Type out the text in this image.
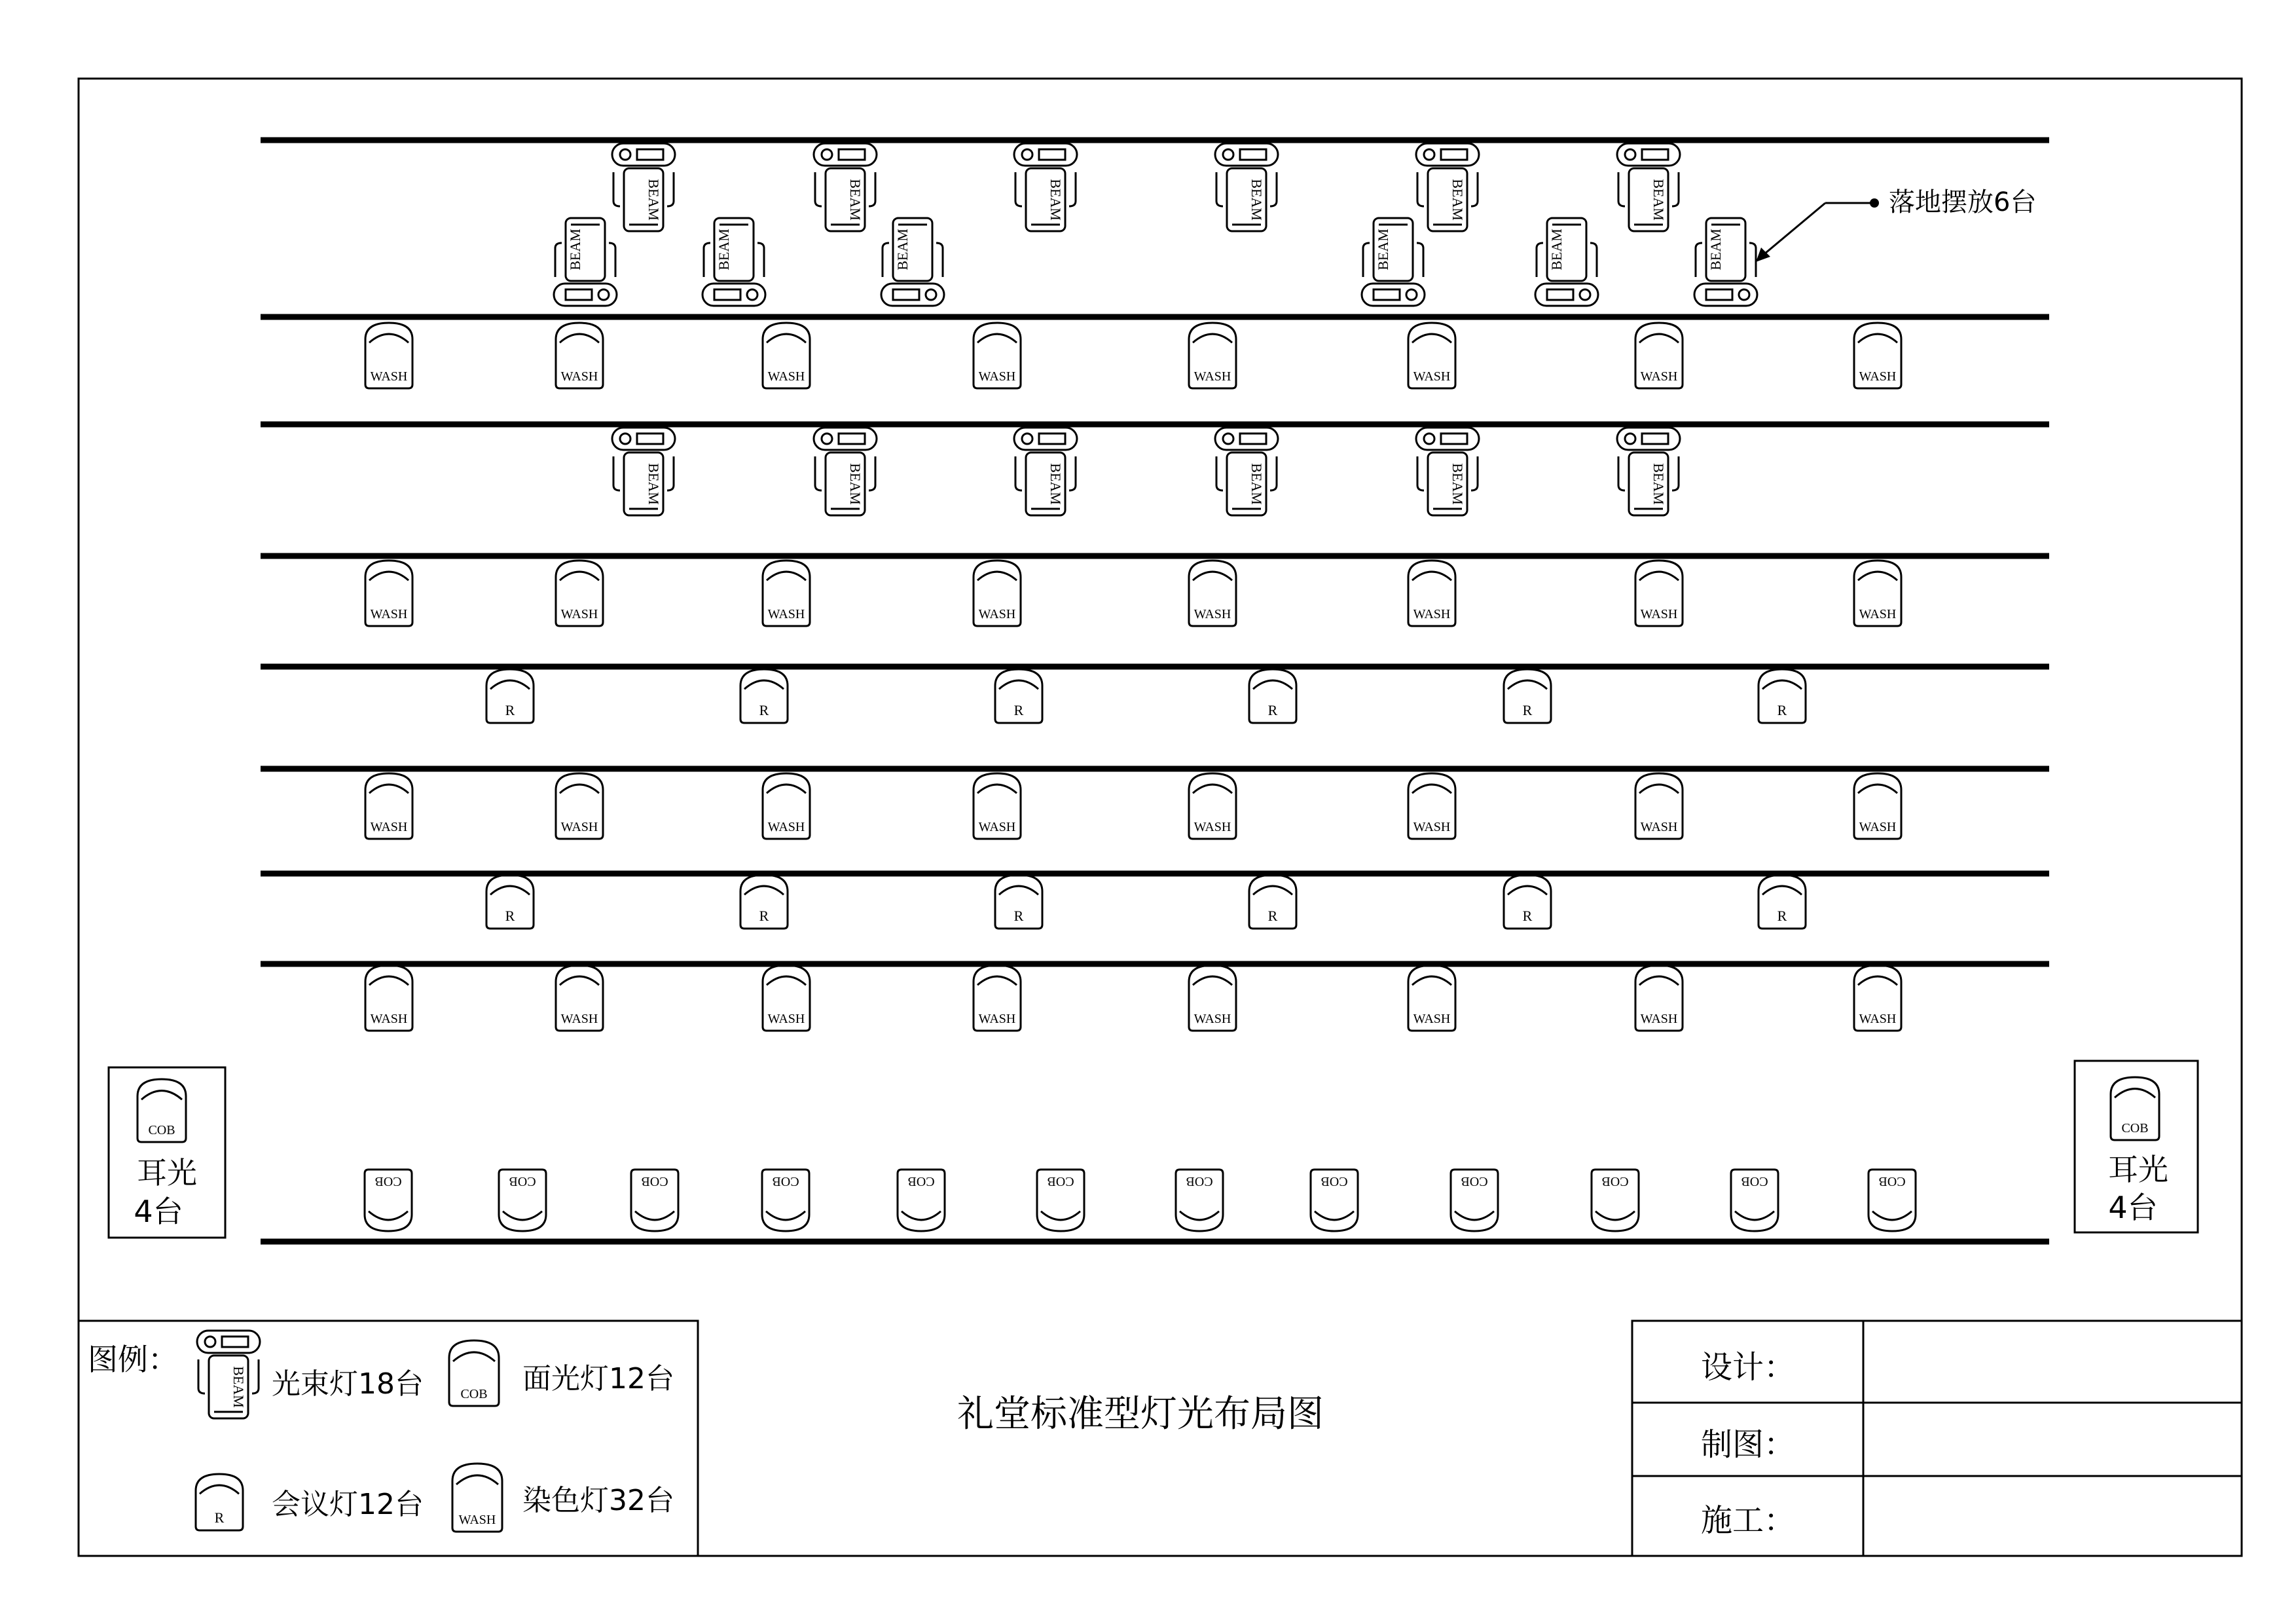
BEAM	BEAM	BEAM	BEAM	BEAM	BEAM
BEAM	BEAM	BEAM	BEAM	BEAM	BEAM
BEAM	BEAM	BEAM	BEAM	BEAM	BEAM
WASH	WASH	WASH	WASH	WASH	WASH	WASH	WASH
WASH	WASH	WASH	WASH	WASH	WASH	WASH	WASH
WASH	WASH	WASH	WASH	WASH	WASH	WASH	WASH
WASH	WASH	WASH	WASH	WASH	WASH	WASH	WASH
R	R	R	R	R	R
R	R	R	R	R	R
COB	COB	COB	COB	COB	COB	COB	COB	COB	COB	COB	COB
COB	COB
BEAM	COB
R	WASH
落地摆放6台
耳光
4台
耳光
4台
图例：
光束灯18台	面光灯12台
会议灯12台	染色灯32台
礼堂标准型灯光布局图
设计：
制图：
施工：
